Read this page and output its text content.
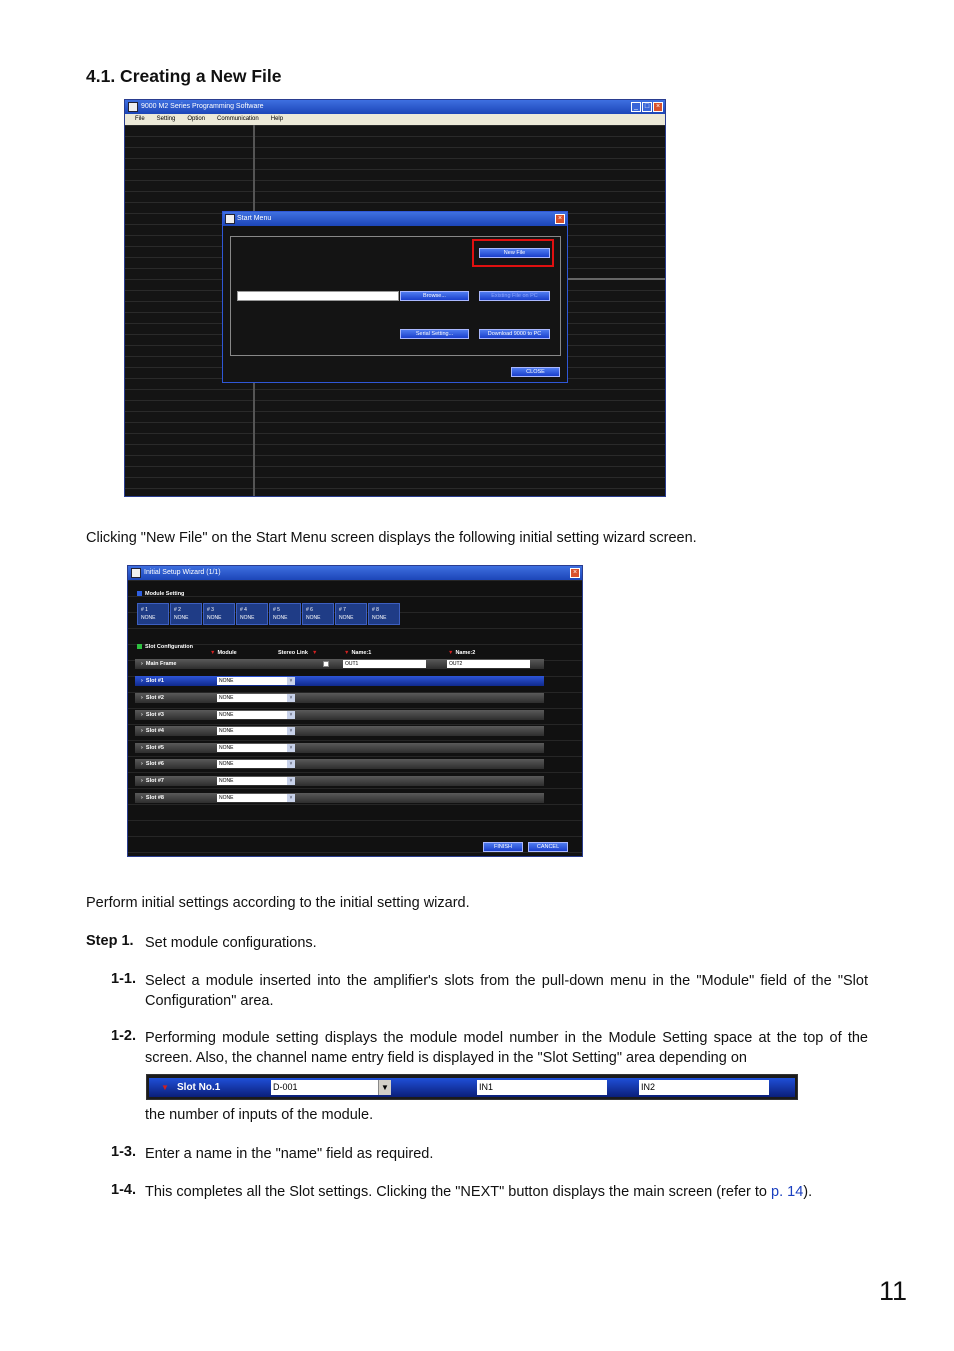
4.1. Creating a New File
9000 M2 Series Programming Software	_ □ ×
File Setting Option Communication Help
Start Menu	×
New File
Browse...	Existing File on PC
Serial Setting...	Download 9000 to PC
CLOSE
Clicking "New File" on the Start Menu screen displays the following initial setting wizard screen.
Initial Setup Wizard (1/1)	×
Module Setting
# 1
NONE
# 2
NONE
# 3
NONE
# 4
NONE
# 5
NONE
# 6
NONE
# 7
NONE
# 8
NONE
Slot Configuration
▼ Module	Stereo Link ▼	▼ Name:1	▼ Name:2
› Main Frame	OUT1	OUT2
› Slot #1	NONE	˅
› Slot #2	NONE	˅
› Slot #3	NONE	˅
› Slot #4	NONE	˅
› Slot #5	NONE	˅
› Slot #6	NONE	˅
› Slot #7	NONE	˅
› Slot #8	NONE	˅
FINISH	CANCEL
Perform initial settings according to the initial setting wizard.
Step 1. Set module configurations.
1-1. Select a module inserted into the amplifier's slots from the pull-down menu in the "Module" field of the "Slot Configuration" area.
1-2. Performing module setting displays the module model number in the Module Setting space at the top of the screen. Also, the channel name entry field is displayed in the "Slot Setting" area depending on
▼ Slot No.1	D-001	▼	IN1	IN2
the number of inputs of the module.
1-3. Enter a name in the "name" field as required.
1-4. This completes all the Slot settings. Clicking the "NEXT" button displays the main screen (refer to p. 14).
11
